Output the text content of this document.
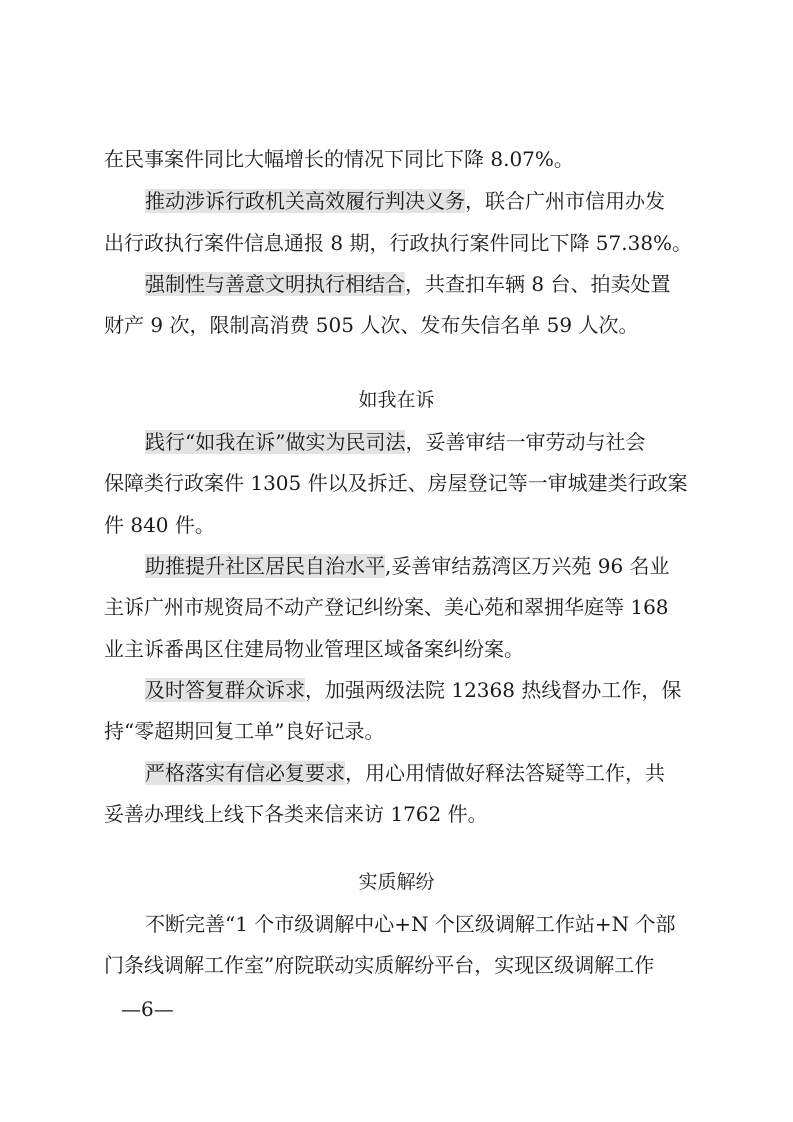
在民事案件同比大幅增长的情况下同比下降 8.07%。
推动涉诉行政机关高效履行判决义务，联合广州市信用办发
出行政执行案件信息通报 8 期，行政执行案件同比下降 57.38%。
强制性与善意文明执行相结合，共查扣车辆 8 台、拍卖处置
财产 9 次，限制高消费 505 人次、发布失信名单 59 人次。
如我在诉
践行“如我在诉”做实为民司法，妥善审结一审劳动与社会
保障类行政案件 1305 件以及拆迁、房屋登记等一审城建类行政案
件 840 件。
助推提升社区居民自治水平,妥善审结荔湾区万兴苑 96 名业
主诉广州市规资局不动产登记纠纷案、美心苑和翠拥华庭等 168
业主诉番禺区住建局物业管理区域备案纠纷案。
及时答复群众诉求，加强两级法院 12368 热线督办工作，保
持“零超期回复工单”良好记录。
严格落实有信必复要求，用心用情做好释法答疑等工作，共
妥善办理线上线下各类来信来访 1762 件。
实质解纷
不断完善“1 个市级调解中心+N 个区级调解工作站+N 个部
门条线调解工作室”府院联动实质解纷平台，实现区级调解工作
—6—
